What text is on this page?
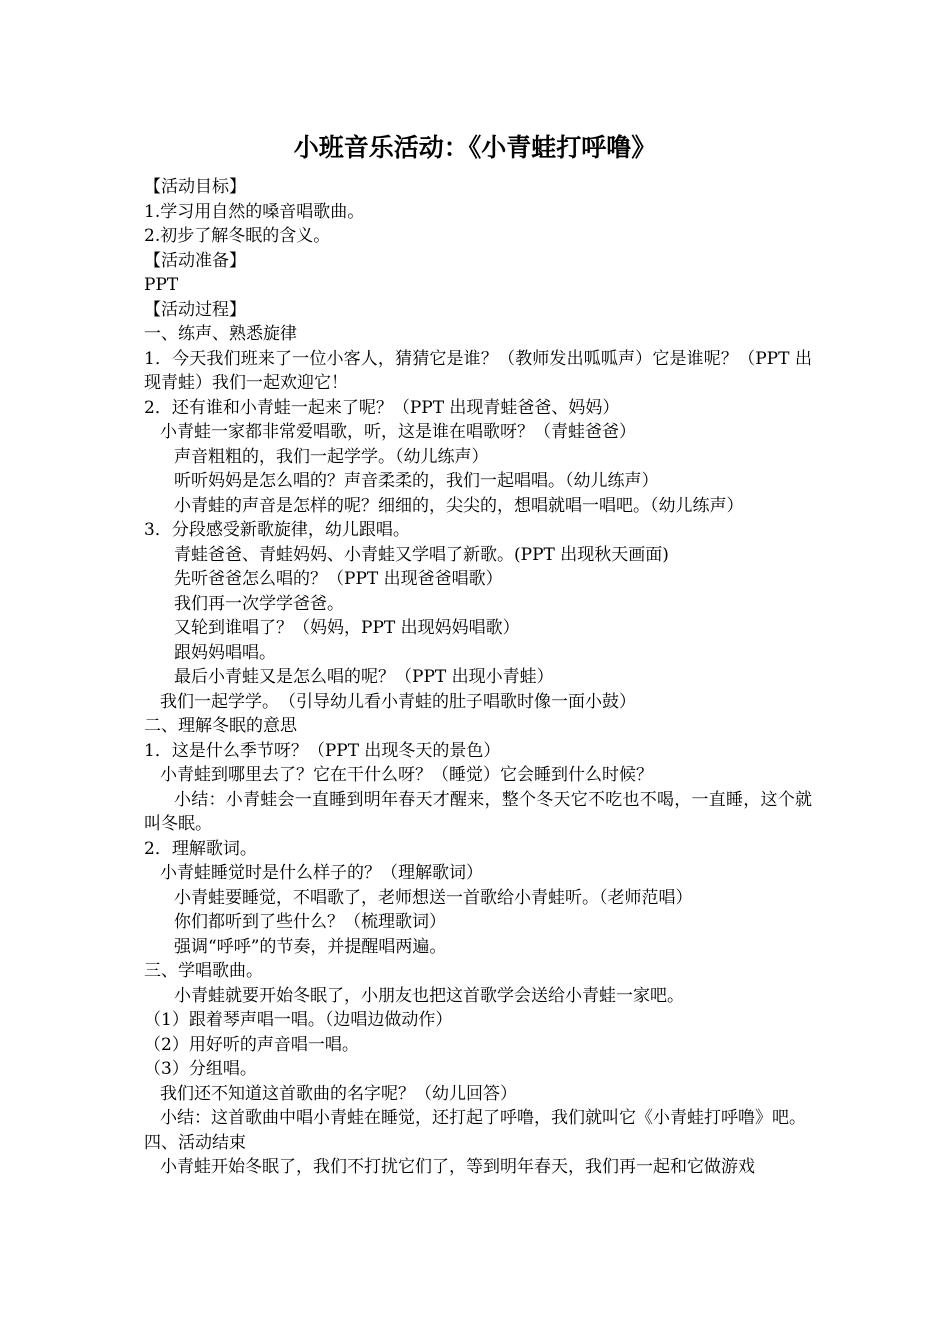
小班音乐活动：《小青蛙打呼噜》

【活动目标】

1.学习用自然的嗓音唱歌曲。

2.初步了解冬眠的含义。

【活动准备】

PPT

【活动过程】

一、练声、熟悉旋律

1．今天我们班来了一位小客人，猜猜它是谁？（教师发出呱呱声）它是谁呢？（PPT 出现青蛙）我们一起欢迎它！

2．还有谁和小青蛙一起来了呢？（PPT 出现青蛙爸爸、妈妈）

小青蛙一家都非常爱唱歌，听，这是谁在唱歌呀？（青蛙爸爸）

声音粗粗的，我们一起学学。（幼儿练声）

听听妈妈是怎么唱的？声音柔柔的，我们一起唱唱。（幼儿练声）

小青蛙的声音是怎样的呢？细细的，尖尖的，想唱就唱一唱吧。（幼儿练声）

3．分段感受新歌旋律，幼儿跟唱。

青蛙爸爸、青蛙妈妈、小青蛙又学唱了新歌。(PPT 出现秋天画面)

先听爸爸怎么唱的？（PPT 出现爸爸唱歌）

我们再一次学学爸爸。

又轮到谁唱了？（妈妈，PPT 出现妈妈唱歌）

跟妈妈唱唱。

最后小青蛙又是怎么唱的呢？（PPT 出现小青蛙）

我们一起学学。　（引导幼儿看小青蛙的肚子唱歌时像一面小鼓）

二、理解冬眠的意思

1．这是什么季节呀？（PPT 出现冬天的景色）

小青蛙到哪里去了？它在干什么呀？（睡觉）它会睡到什么时候？

小结：小青蛙会一直睡到明年春天才醒来，整个冬天它不吃也不喝，一直睡，这个就叫冬眠。

2．理解歌词。

小青蛙睡觉时是什么样子的？（理解歌词）

小青蛙要睡觉，不唱歌了，老师想送一首歌给小青蛙听。（老师范唱）

你们都听到了些什么？（梳理歌词）

强调“呼呼”的节奏，并提醒唱两遍。

三、学唱歌曲。

小青蛙就要开始冬眠了，小朋友也把这首歌学会送给小青蛙一家吧。

（1）跟着琴声唱一唱。（边唱边做动作）

（2）用好听的声音唱一唱。

（3）分组唱。

我们还不知道这首歌曲的名字呢？（幼儿回答）

小结：这首歌曲中唱小青蛙在睡觉，还打起了呼噜，我们就叫它《小青蛙打呼噜》吧。

四、活动结束

小青蛙开始冬眠了，我们不打扰它们了，等到明年春天，我们再一起和它做游戏
